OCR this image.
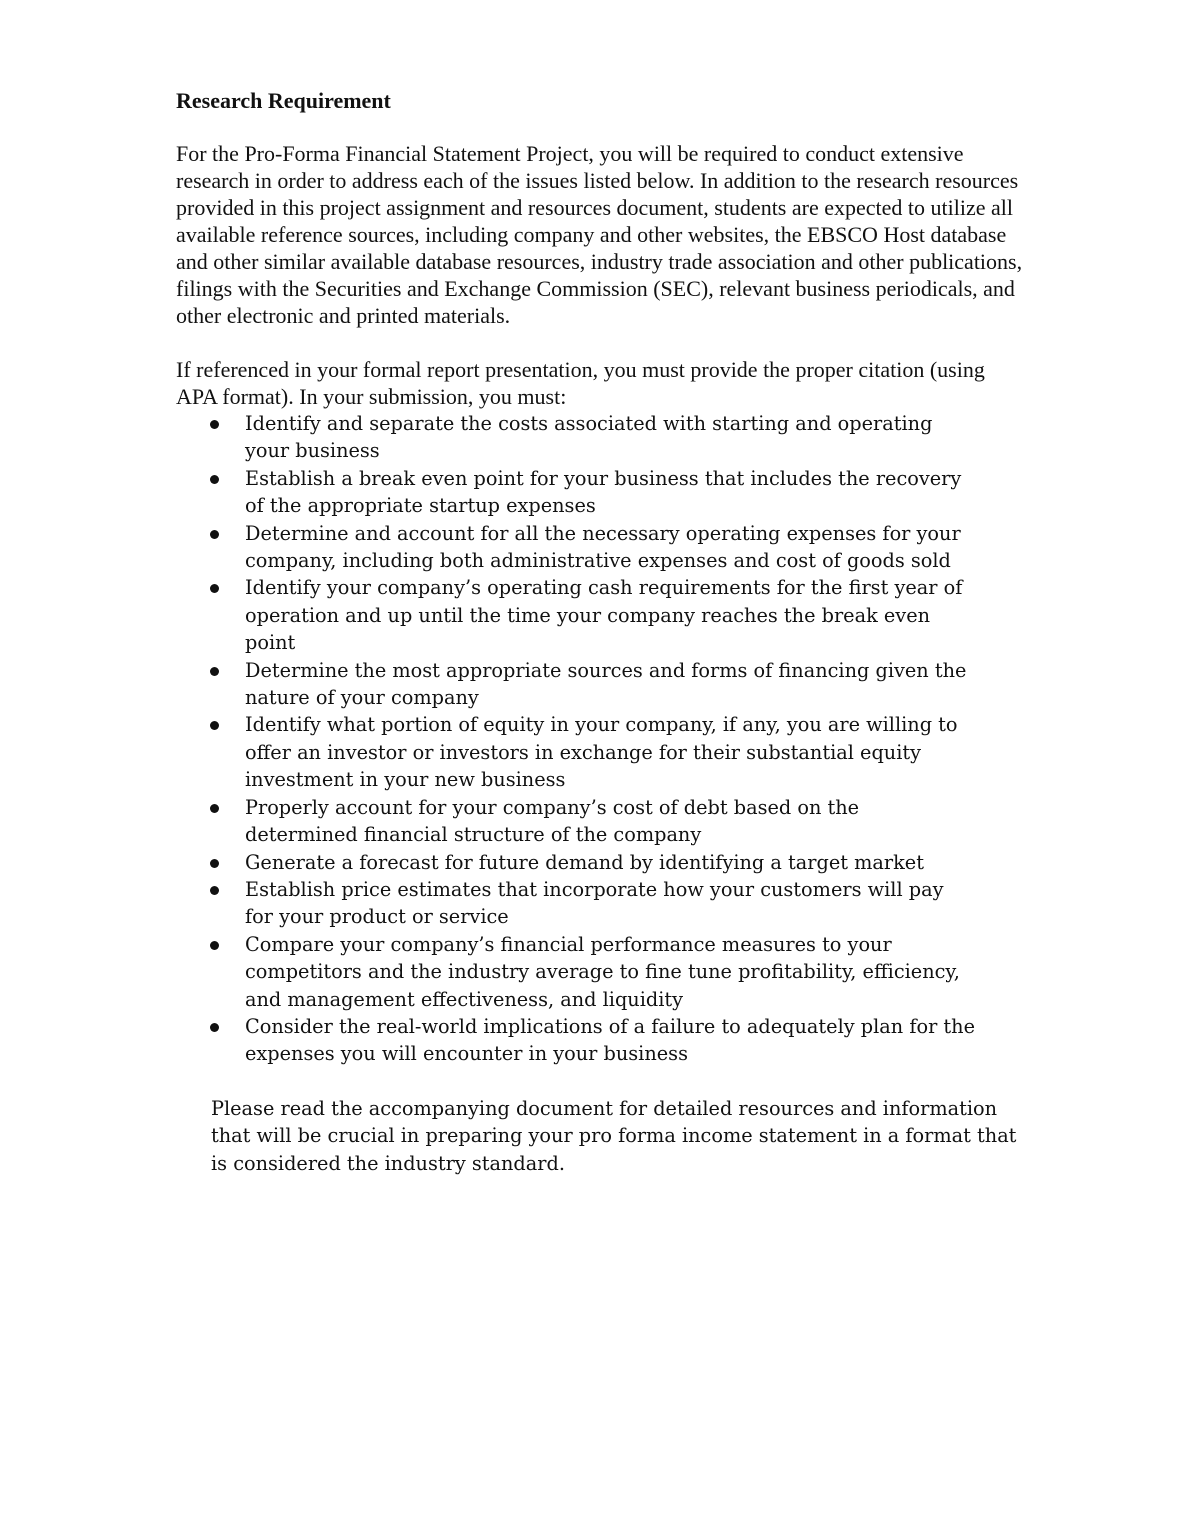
Research Requirement

For the Pro-Forma Financial Statement Project, you will be required to conduct extensive research in order to address each of the issues listed below. In addition to the research resources provided in this project assignment and resources document, students are expected to utilize all available reference sources, including company and other websites, the EBSCO Host database and other similar available database resources, industry trade association and other publications, filings with the Securities and Exchange Commission (SEC), relevant business periodicals, and other electronic and printed materials.

If referenced in your formal report presentation, you must provide the proper citation (using APA format). In your submission, you must:

Identify and separate the costs associated with starting and operating your business
Establish a break even point for your business that includes the recovery of the appropriate startup expenses
Determine and account for all the necessary operating expenses for your company, including both administrative expenses and cost of goods sold
Identify your company’s operating cash requirements for the first year of operation and up until the time your company reaches the break even point
Determine the most appropriate sources and forms of financing given the nature of your company
Identify what portion of equity in your company, if any, you are willing to offer an investor or investors in exchange for their substantial equity investment in your new business
Properly account for your company’s cost of debt based on the determined financial structure of the company
Generate a forecast for future demand by identifying a target market
Establish price estimates that incorporate how your customers will pay for your product or service
Compare your company’s financial performance measures to your competitors and the industry average to fine tune profitability, efficiency, and management effectiveness, and liquidity
Consider the real-world implications of a failure to adequately plan for the expenses you will encounter in your business

Please read the accompanying document for detailed resources and information that will be crucial in preparing your pro forma income statement in a format that is considered the industry standard.
